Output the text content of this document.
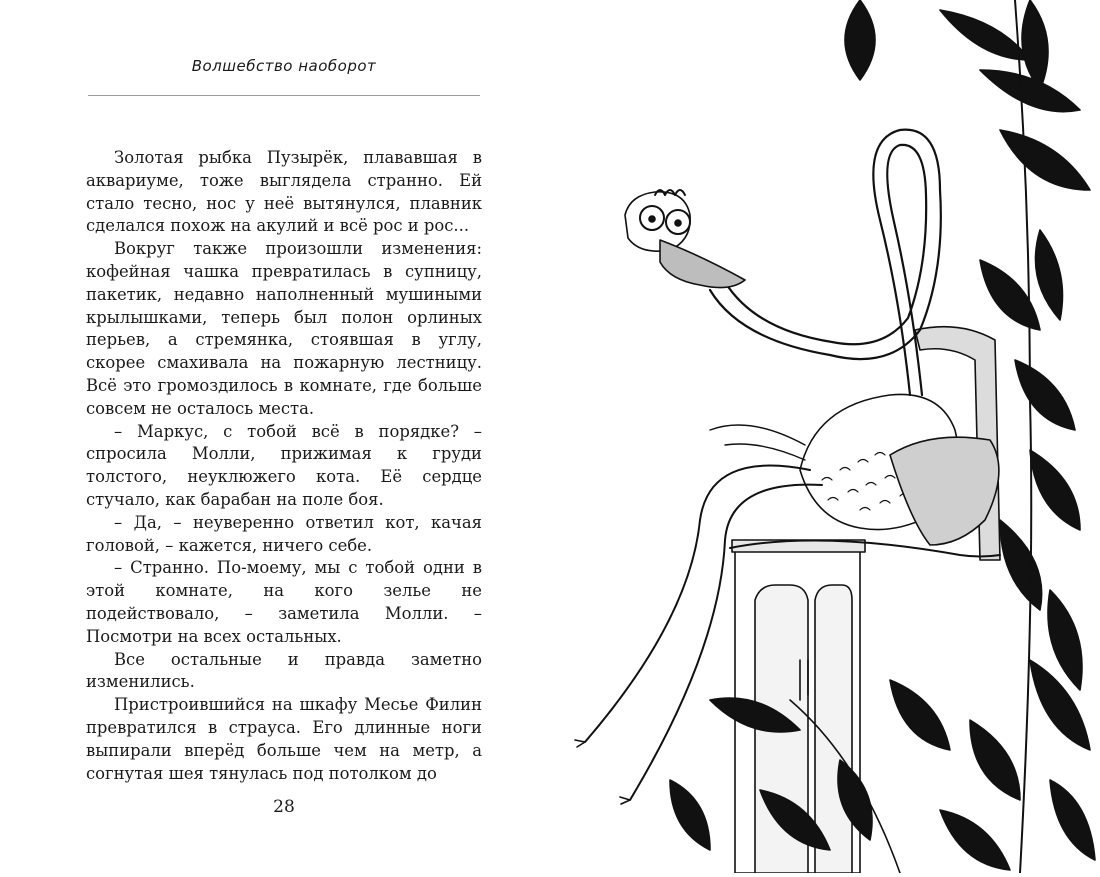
Волшебство наоборот

Золотая рыбка Пузырёк, плававшая в аквариуме, тоже выглядела странно. Ей стало тесно, нос у неё вытянулся, плавник сделался похож на акулий и всё рос и рос...

Вокруг также произошли изменения: кофейная чашка превратилась в супницу, пакетик, недавно наполненный мушиными крылышками, теперь был полон орлиных перьев, а стремянка, стоявшая в углу, скорее смахивала на пожарную лестницу. Всё это громоздилось в комнате, где больше совсем не осталось места.

– Маркус, с тобой всё в порядке? – спросила Молли, прижимая к груди толстого, неуклюжего кота. Её сердце стучало, как барабан на поле боя.

– Да, – неуверенно ответил кот, качая головой, – кажется, ничего себе.

– Странно. По-моему, мы с тобой одни в этой комнате, на кого зелье не подействовало, – заметила Молли. – Посмотри на всех остальных.

Все остальные и правда заметно изменились.

Пристроившийся на шкафу Месье Филин превратился в страуса. Его длинные ноги выпирали вперёд больше чем на метр, а согнутая шея тянулась под потолком до

28
